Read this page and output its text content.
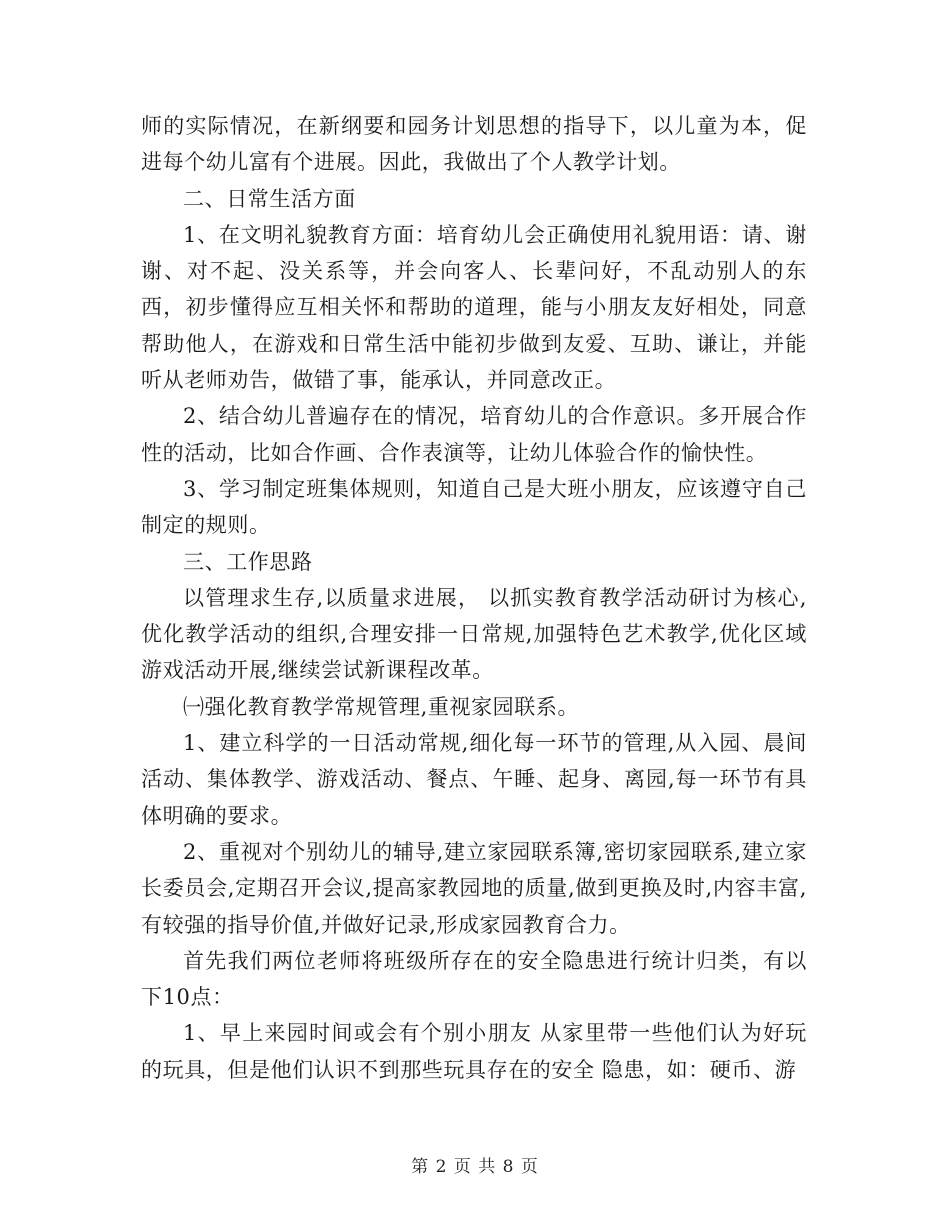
师的实际情况，在新纲要和园务计划思想的指导下，以儿童为本，促进每个幼儿富有个进展。因此，我做出了个人教学计划。

二、日常生活方面

1、在文明礼貌教育方面：培育幼儿会正确使用礼貌用语：请、谢谢、对不起、没关系等，并会向客人、长辈问好，不乱动别人的东西，初步懂得应互相关怀和帮助的道理，能与小朋友友好相处，同意帮助他人，在游戏和日常生活中能初步做到友爱、互助、谦让，并能听从老师劝告，做错了事，能承认，并同意改正。

2、结合幼儿普遍存在的情况，培育幼儿的合作意识。多开展合作性的活动，比如合作画、合作表演等，让幼儿体验合作的愉快性。

3、学习制定班集体规则，知道自己是大班小朋友，应该遵守自己制定的规则。

三、工作思路

以管理求生存,以质量求进展， 以抓实教育教学活动研讨为核心,优化教学活动的组织,合理安排一日常规,加强特色艺术教学,优化区域游戏活动开展,继续尝试新课程改革。

㈠强化教育教学常规管理,重视家园联系。

1、建立科学的一日活动常规,细化每一环节的管理,从入园、晨间活动、集体教学、游戏活动、餐点、午睡、起身、离园,每一环节有具体明确的要求。

2、重视对个别幼儿的辅导,建立家园联系簿,密切家园联系,建立家长委员会,定期召开会议,提高家教园地的质量,做到更换及时,内容丰富,有较强的指导价值,并做好记录,形成家园教育合力。

首先我们两位老师将班级所存在的安全隐患进行统计归类，有以下10点：

1、早上来园时间或会有个别小朋友 从家里带一些他们认为好玩的玩具，但是他们认识不到那些玩具存在的安全 隐患，如：硬币、游

第 2 页 共 8 页
